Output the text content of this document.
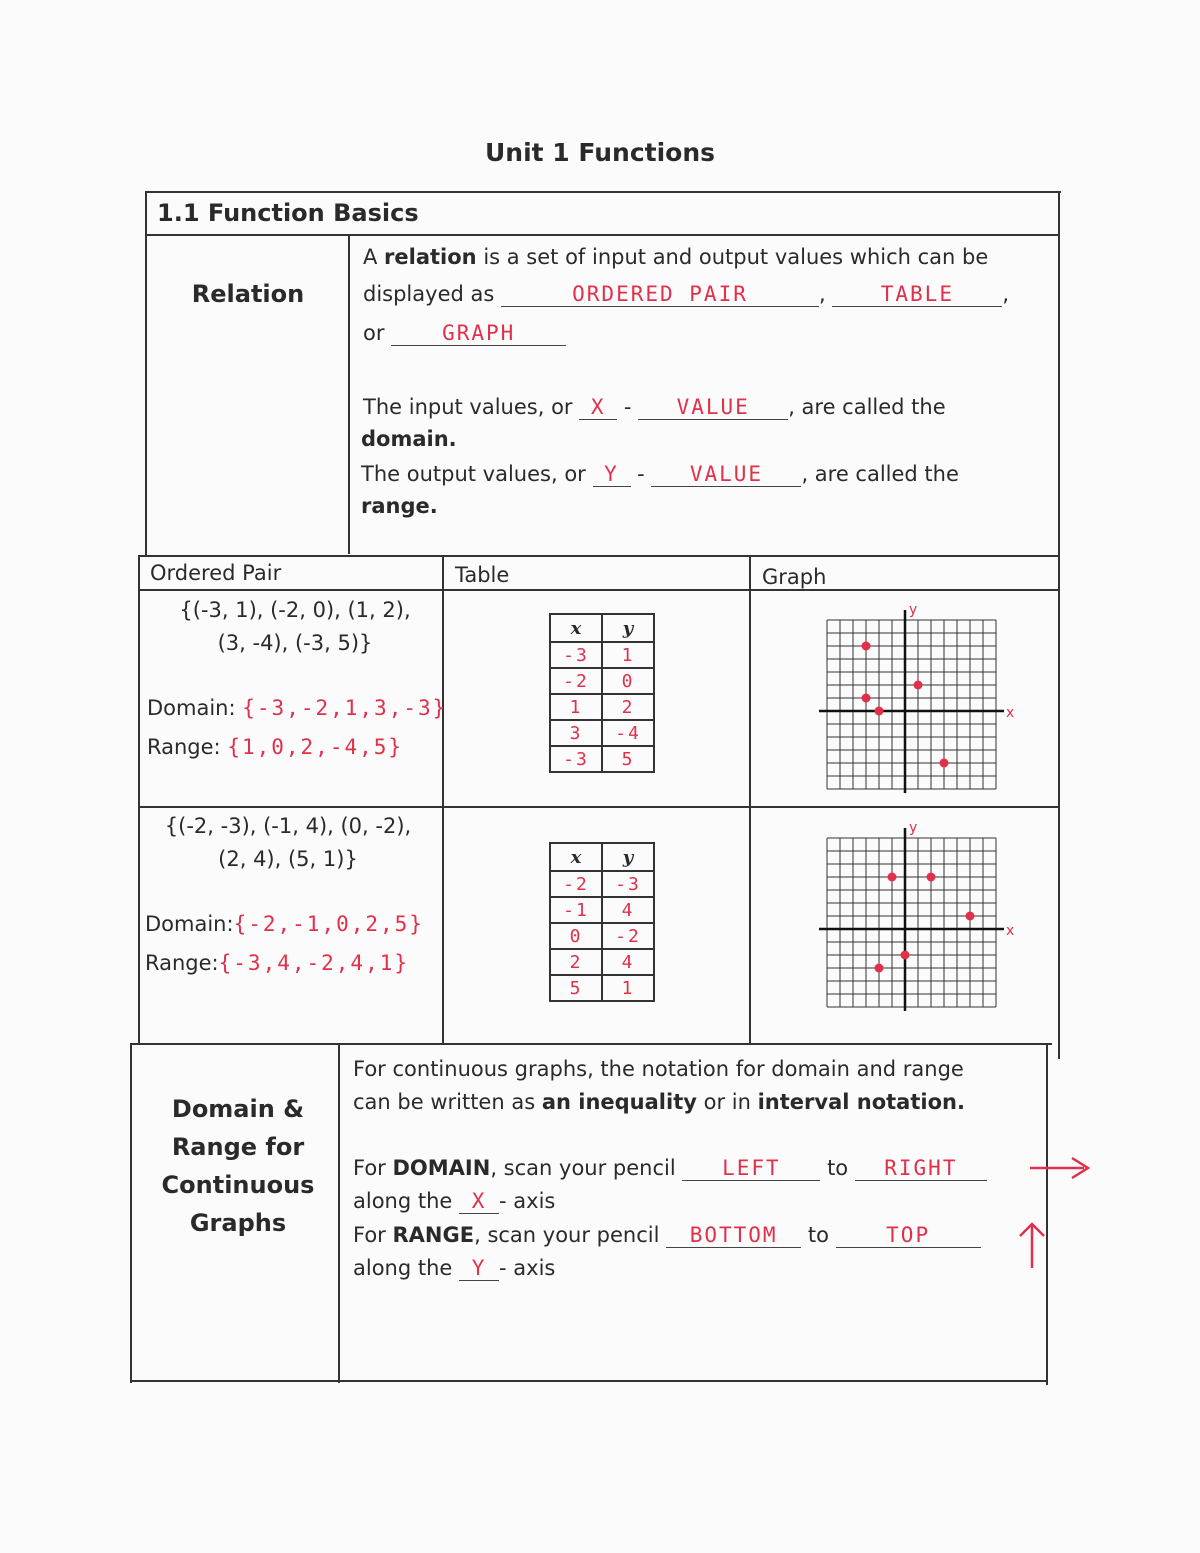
Unit 1 Functions
1.1 Function Basics
Relation
A relation is a set of input and output values which can be
displayed as	ORDERED PAIR	, TABLE ,
or	GRAPH
The input values, or X - VALUE , are called the
domain.
The output values, or Y - VALUE , are called the
range.
Ordered Pair	Table	Graph
{(-3, 1), (-2, 0), (1, 2),
(3, -4), (-3, 5)}
Domain: {-3,-2,1,3,-3}
Range: {1,0,2,-4,5}
x	y
-3	1
-2	0
1	2
3	-4
-3	5
x
y
{(-2, -3), (-1, 4), (0, -2),
(2, 4), (5, 1)}
Domain:{-2,-1,0,2,5}
Range:{-3,4,-2,4,1}
x	y
-2	-3
-1	4
0	-2
2	4
5	1
x
y
Domain &
Range for
Continuous
Graphs
For continuous graphs, the notation for domain and range
can be written as an inequality or in interval notation.
For DOMAIN, scan your pencil LEFT to RIGHT
along the X - axis
For RANGE, scan your pencil BOTTOM to	TOP
along the Y - axis
